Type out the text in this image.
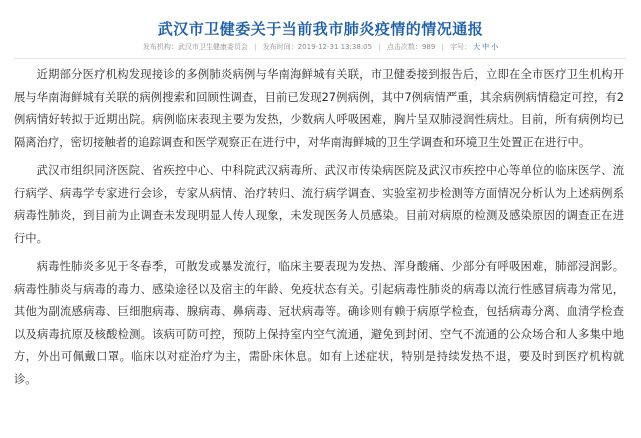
武汉市卫健委关于当前我市肺炎疫情的情况通报
发布机构：武汉市卫生健康委员会 | 发布时间：2019-12-31 13:38:05 | 点击次数：989 | 字号： 大 中 小

近期部分医疗机构发现接诊的多例肺炎病例与华南海鲜城有关联，市卫健委接到报告后，立即在全市医疗卫生机构开展与华南海鲜城有关联的病例搜索和回顾性调查，目前已发现27例病例，其中7例病情严重，其余病例病情稳定可控，有2例病情好转拟于近期出院。病例临床表现主要为发热，少数病人呼吸困难，胸片呈双肺浸润性病灶。目前，所有病例均已隔离治疗，密切接触者的追踪调查和医学观察正在进行中，对华南海鲜城的卫生学调查和环境卫生处置正在进行中。

武汉市组织同济医院、省疾控中心、中科院武汉病毒所、武汉市传染病医院及武汉市疾控中心等单位的临床医学、流行病学、病毒学专家进行会诊，专家从病情、治疗转归、流行病学调查、实验室初步检测等方面情况分析认为上述病例系病毒性肺炎，到目前为止调查未发现明显人传人现象，未发现医务人员感染。目前对病原的检测及感染原因的调查正在进行中。

病毒性肺炎多见于冬春季，可散发或暴发流行，临床主要表现为发热、浑身酸痛、少部分有呼吸困难，肺部浸润影。病毒性肺炎与病毒的毒力、感染途径以及宿主的年龄、免疫状态有关。引起病毒性肺炎的病毒以流行性感冒病毒为常见，其他为副流感病毒、巨细胞病毒、腺病毒、鼻病毒、冠状病毒等。确诊则有赖于病原学检查，包括病毒分离、血清学检查以及病毒抗原及核酸检测。该病可防可控，预防上保持室内空气流通，避免到封闭、空气不流通的公众场合和人多集中地方，外出可佩戴口罩。临床以对症治疗为主，需卧床休息。如有上述症状，特别是持续发热不退，要及时到医疗机构就诊。
